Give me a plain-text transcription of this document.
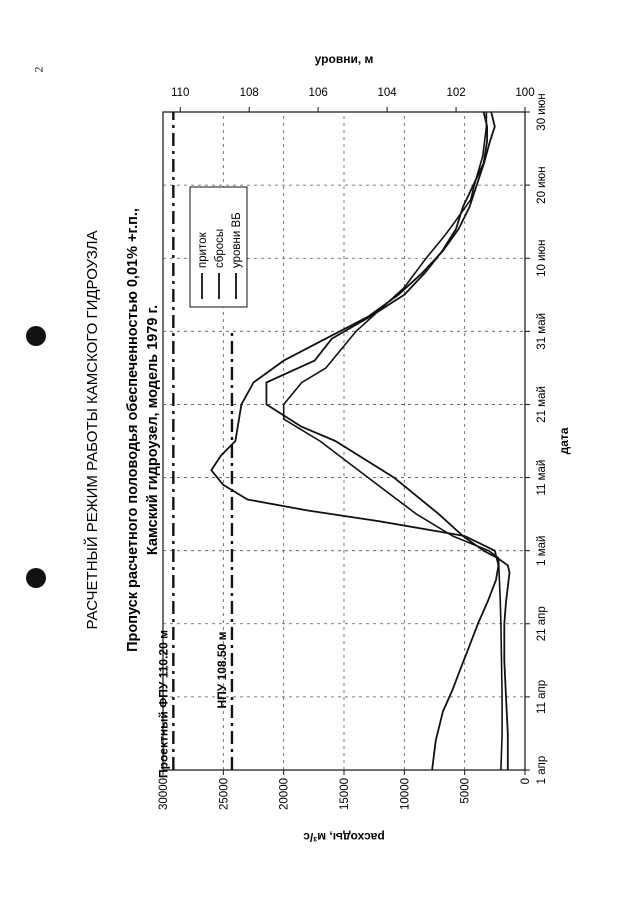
2
РАСЧЕТНЫЙ РЕЖИМ РАБОТЫ КАМСКОГО ГИДРОУЗЛА Пропуск расчетного половодья обеспеченностью 0,01% +г.п., Камский гидроузел, модель 1979 г.
Проектный ФПУ 110.20 м	НПУ 108.50 м
1 апр
11 апр
21 апр
1 май
11 май
21 май
31 май
10 июн
20 июн
30 июн
0
5000
10000
15000
20000
25000
30000
100
102
104
106
108
110
дата
расходы, м³/с
уровни, м
приток сбросы уровни ВБ
